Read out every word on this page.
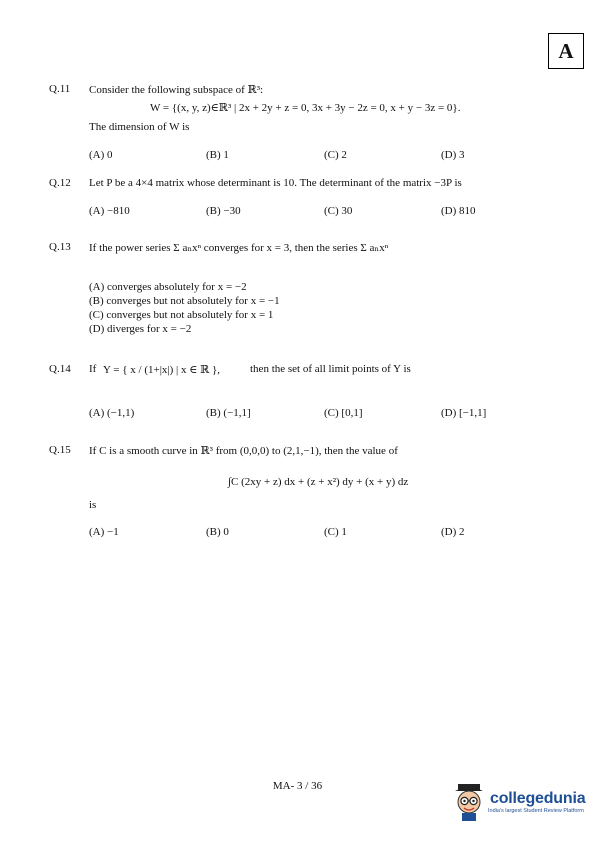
A
Q.11 Consider the following subspace of ℝ³:
W = {(x, y, z)∈ℝ³ | 2x + 2y + z = 0, 3x + 3y − 2z = 0, x + y − 3z = 0}.
The dimension of W is
(A) 0	(B) 1	(C) 2	(D) 3
Q.12 Let P be a 4×4 matrix whose determinant is 10. The determinant of the matrix −3P is
(A) −810	(B) −30	(C) 30	(D) 810
Q.13 If the power series Σ aₙxⁿ converges for x = 3, then the series Σ aₙxⁿ
(A) converges absolutely for x = −2
(B) converges but not absolutely for x = −1
(C) converges but not absolutely for x = 1
(D) diverges for x = −2
Q.14 If Y = { x / (1+|x|) | x ∈ ℝ },	then the set of all limit points of Y is
(A) (−1,1)	(B) (−1,1]	(C) [0,1]	(D) [−1,1]
Q.15 If C is a smooth curve in ℝ³ from (0,0,0) to (2,1,−1), then the value of
∫C (2xy + z) dx + (z + x²) dy + (x + y) dz
is
(A) −1	(B) 0	(C) 1	(D) 2
MA- 3 / 36
collegedunia
India's largest Student Review Platform
